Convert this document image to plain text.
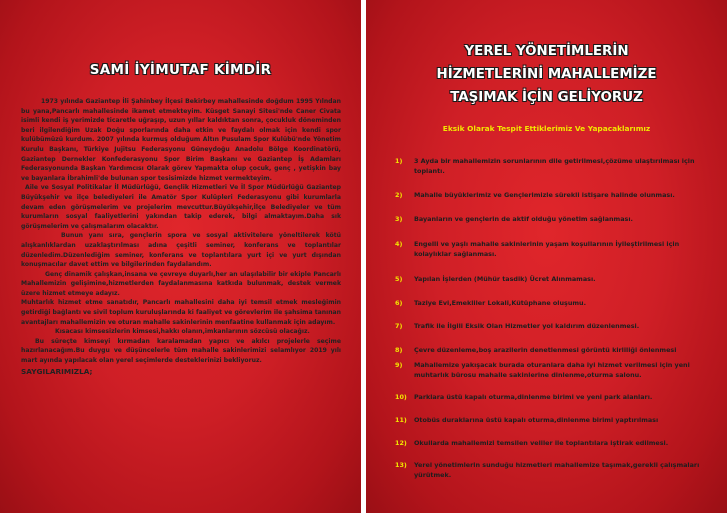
SAMİ İYİMUTAF KİMDİR

1973 yılında Gaziantep İli Şahinbey İlçesi Bekirbey mahallesinde doğdum 1995 Yılndan bu yana,Pancarlı mahallesinde ikamet etmekteyim. Küsget Sanayi Sitesi'nde Caner Civata isimli kendi iş yerimizde ticaretle uğraşıp, uzun yıllar kaldıktan sonra, çocukluk döneminden beri ilgilendiğim Uzak Doğu sporlarında daha etkin ve faydalı olmak için kendi spor kulübümüzü kurdum. 2007 yılında kurmuş olduğum Altın Pusulam Spor Kulübü'nde Yönetim Kurulu Başkanı, Türkiye Jujitsu Federasyonu Güneydoğu Anadolu Bölge Koordinatörü, Gaziantep Dernekler Konfederasyonu Spor Birim Başkanı ve Gaziantep İş Adamları Federasyonunda Başkan Yardımcısı Olarak görev Yapmakta olup çocuk, genç , yetişkin bay ve bayanlara İbrahimli'de bulunan spor tesisimizde hizmet vermekteyim.

Aile ve Sosyal Politikalar İl Müdürlüğü, Gençlik Hizmetleri Ve İl Spor Müdürlüğü Gaziantep Büyükşehir ve ilçe belediyeleri ile Amatör Spor Kulüpleri Federasyonu gibi kurumlarla devam eden görüşmelerim ve projelerim mevcuttur.Büyükşehir,İlçe Belediyeler ve tüm kurumların sosyal faaliyetlerini yakından takip ederek, bilgi almaktayım.Daha sık görüşmelerim ve çalışmalarım olacaktır.

Bunun yanı sıra, gençlerin spora ve sosyal aktivitelere yöneltilerek kötü alışkanlıklardan uzaklaştırılması adına çeşitli seminer, konferans ve toplantılar düzenledim.Düzenlediğim seminer, konferans ve toplantılara yurt içi ve yurt dışından konuşmacılar davet ettim ve bilgilerinden faydalandım.

Genç dinamik çalışkan,insana ve çevreye duyarlı,her an ulaşılabilir bir ekiple Pancarlı Mahallemizin gelişimine,hizmetlerden faydalanmasına katkıda bulunmak, destek vermek üzere hizmet etmeye adayız.

Muhtarlık hizmet etme sanatıdır, Pancarlı mahallesini daha iyi temsil etmek mesleğimin getirdiği bağlantı ve sivil toplum kuruluşlarında ki faaliyet ve görevlerim ile şahsima tanınan avantajları mahallemizin ve oturan mahalle sakinlerinin menfaatine kullanmak için adayım.

Kısacası kimsesizlerin kimsesi,hakkı olanın,imkanlarının sözcüsü olacağız.

Bu süreçte kimseyi kırmadan karalamadan yapıcı ve akılcı projelerle seçime hazırlanacağım.Bu duygu ve düşüncelerle tüm mahalle sakinlerimizi selamlıyor 2019 yılı mart ayında yapılacak olan yerel seçimlerde desteklerinizi bekliyoruz.

SAYGILARIMIZLA;

YEREL YÖNETİMLERİN
HİZMETLERİNİ MAHALLEMİZE
TAŞIMAK İÇİN GELİYORUZ
Eksik Olarak Tespit Ettiklerimiz Ve Yapacaklarımız
1)	3 Ayda bir mahallemizin sorunlarının dile getirilmesi,çözüme ulaştırılması için toplantı.
2)	Mahalle büyüklerimiz ve Gençlerimizle sürekli istişare halinde olunması.
3)	Bayanların ve gençlerin de aktif olduğu yönetim sağlanması.
4)	Engelli ve yaşlı mahalle sakinlerinin yaşam koşullarının İyileştirilmesi için kolaylıklar sağlanması.
5)	Yapılan İşlerden (Mühür tasdik) Ücret Alınmaması.
6)	Taziye Evi,Emekliler Lokali,Kütüphane oluşumu.
7)	Trafik ile İlgili Eksik Olan Hizmetler yol kaldırım düzenlenmesi.
8)	Çevre düzenleme,boş arazilerin denetlenmesi görüntü kirliliği önlenmesi
9)	Mahallemize yakışacak burada oturanlara daha iyi hizmet verilmesi için yeni muhtarlık bürosu mahalle sakinlerine dinlenme,oturma salonu.
10)	Parklara üstü kapalı oturma,dinlenme birimi ve yeni park alanları.
11)	Otobüs duraklarına üstü kapalı oturma,dinlenme birimi yaptırılması
12)	Okullarda mahallemizi temsilen veliler ile toplantılara iştirak edilmesi.
13)	Yerel yönetimlerin sunduğu hizmetleri mahallemize taşımak,gerekli çalışmaları yürütmek.
